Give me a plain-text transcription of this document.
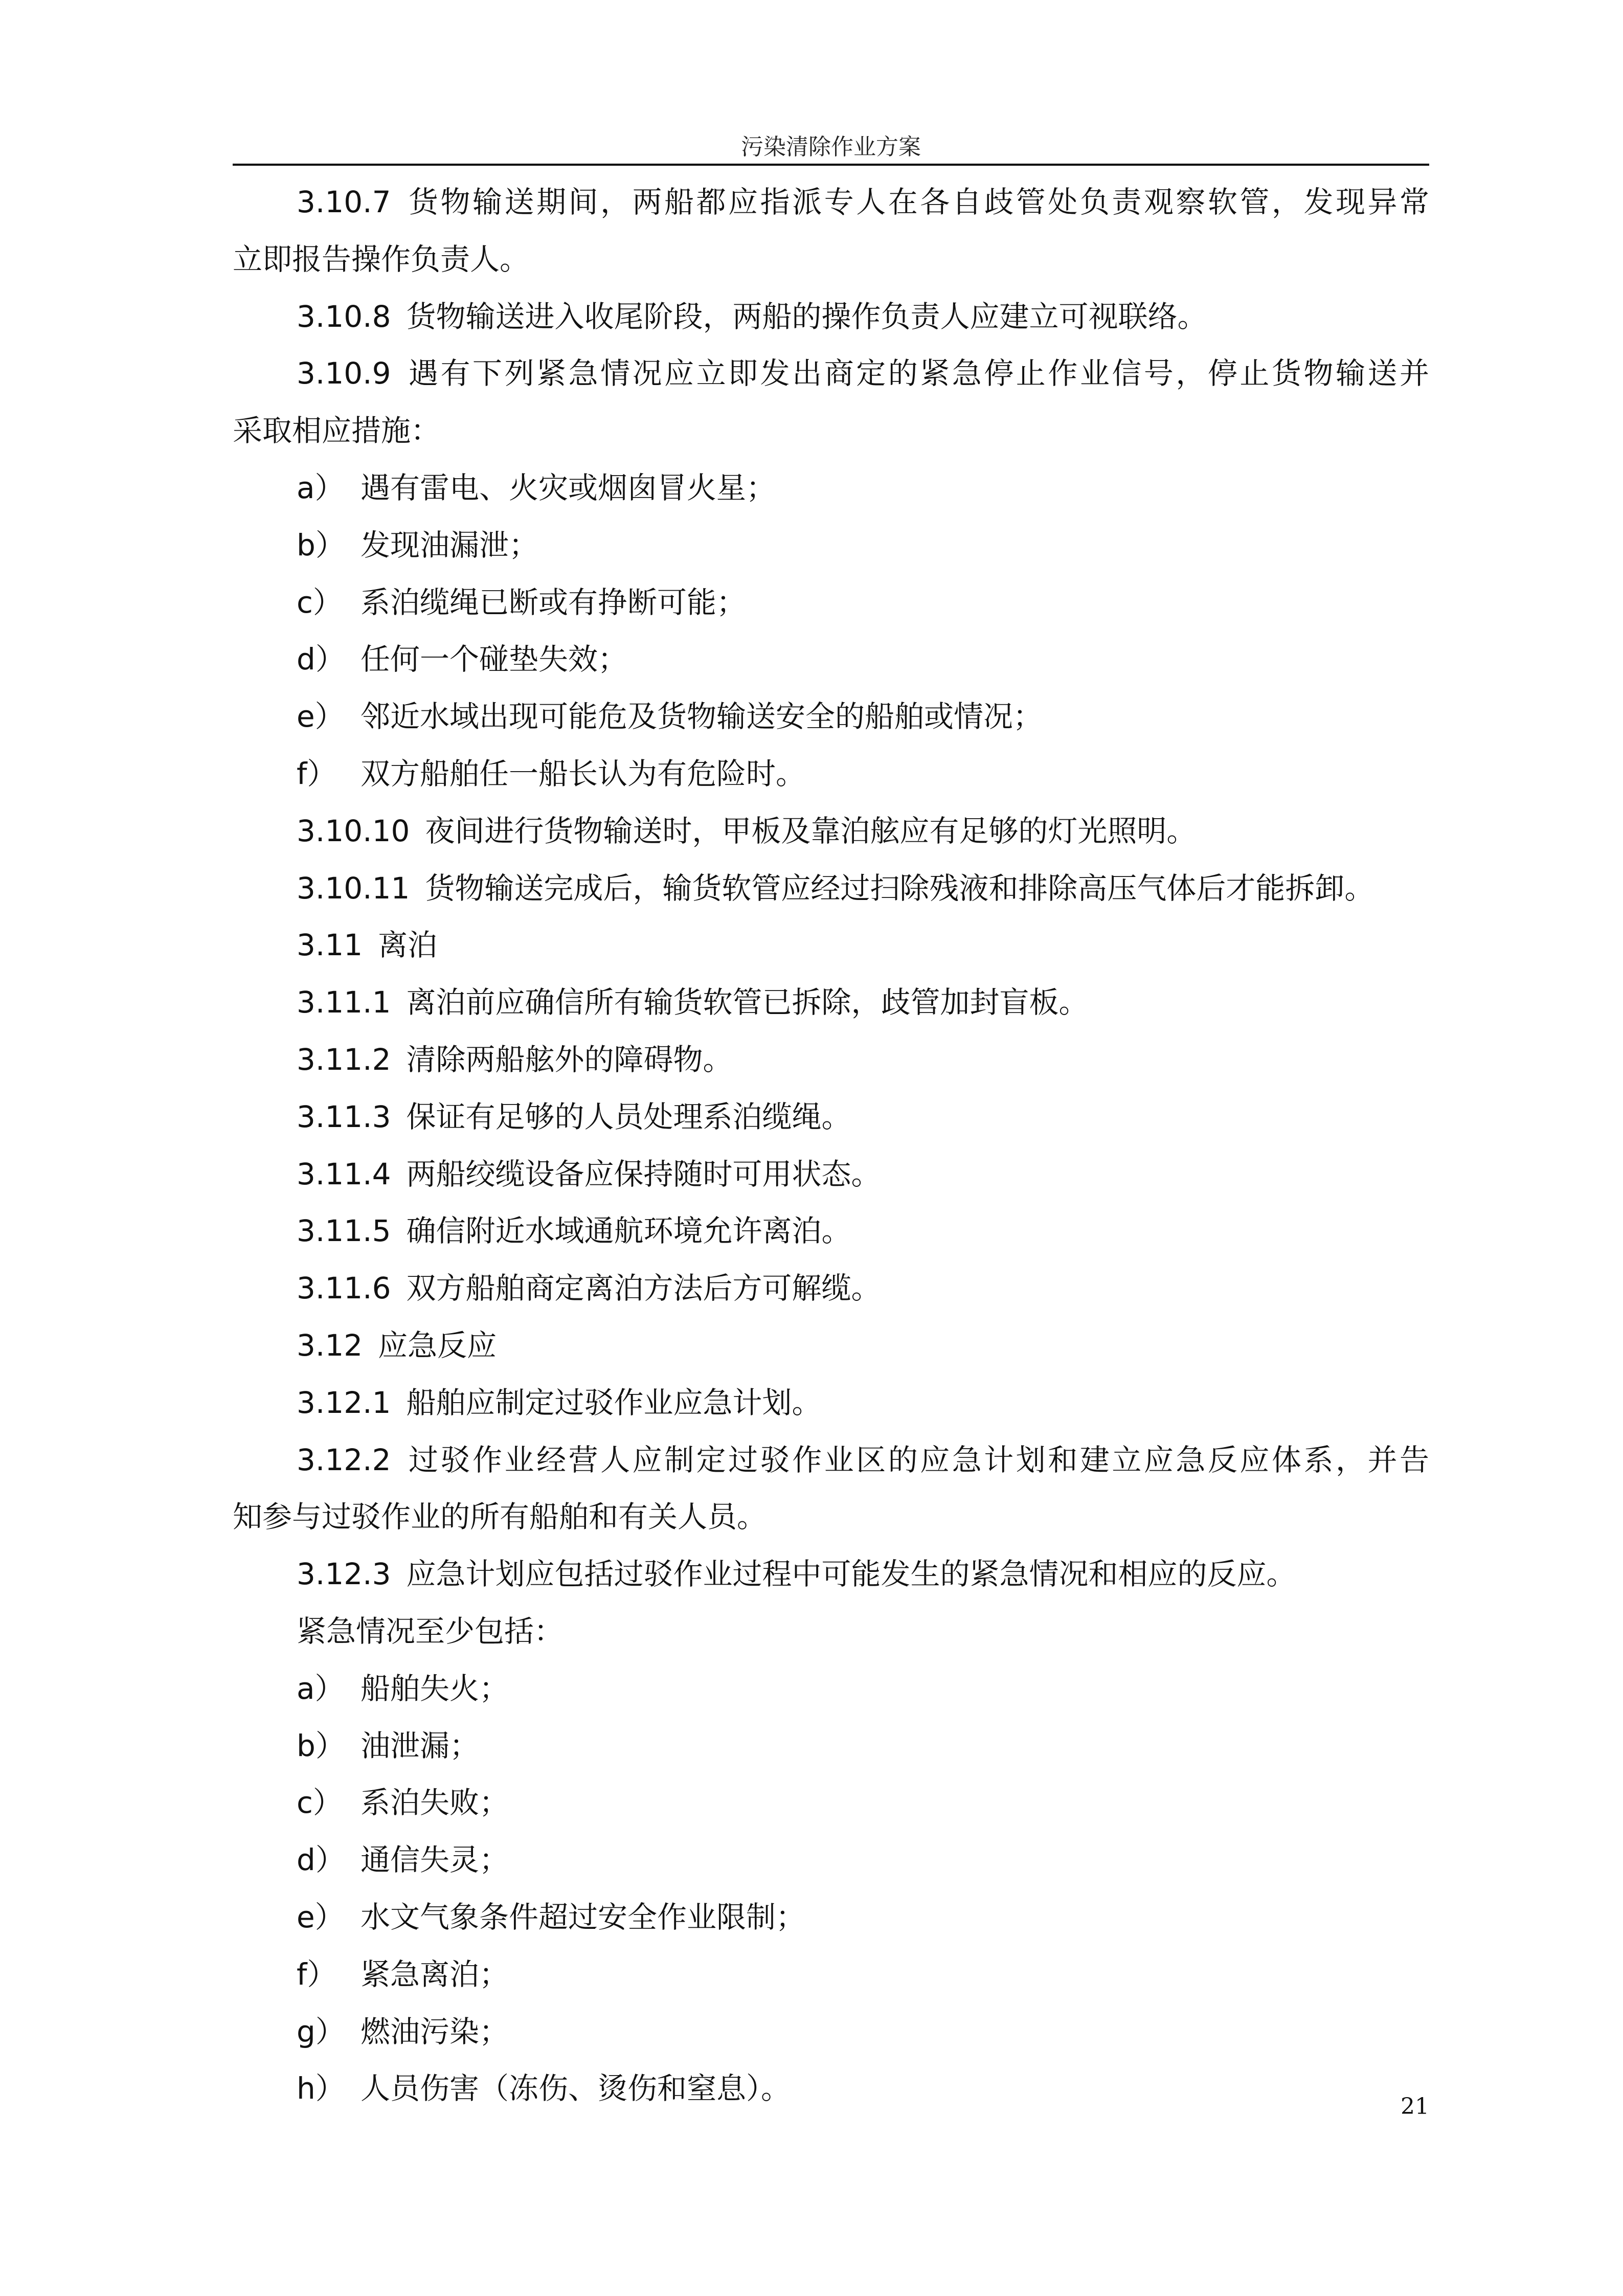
污染清除作业方案
3.10.7 货物输送期间，两船都应指派专人在各自歧管处负责观察软管，发现异常
立即报告操作负责人。
3.10.8 货物输送进入收尾阶段，两船的操作负责人应建立可视联络。
3.10.9 遇有下列紧急情况应立即发出商定的紧急停止作业信号，停止货物输送并
采取相应措施：
a） 遇有雷电、火灾或烟囱冒火星；
b） 发现油漏泄；
c） 系泊缆绳已断或有挣断可能；
d） 任何一个碰垫失效；
e） 邻近水域出现可能危及货物输送安全的船舶或情况；
f） 双方船舶任一船长认为有危险时。
3.10.10 夜间进行货物输送时，甲板及靠泊舷应有足够的灯光照明。
3.10.11 货物输送完成后，输货软管应经过扫除残液和排除高压气体后才能拆卸。
3.11 离泊
3.11.1 离泊前应确信所有输货软管已拆除，歧管加封盲板。
3.11.2 清除两船舷外的障碍物。
3.11.3 保证有足够的人员处理系泊缆绳。
3.11.4 两船绞缆设备应保持随时可用状态。
3.11.5 确信附近水域通航环境允许离泊。
3.11.6 双方船舶商定离泊方法后方可解缆。
3.12 应急反应
3.12.1 船舶应制定过驳作业应急计划。
3.12.2 过驳作业经营人应制定过驳作业区的应急计划和建立应急反应体系，并告
知参与过驳作业的所有船舶和有关人员。
3.12.3 应急计划应包括过驳作业过程中可能发生的紧急情况和相应的反应。
紧急情况至少包括：
a） 船舶失火；
b） 油泄漏；
c） 系泊失败；
d） 通信失灵；
e） 水文气象条件超过安全作业限制；
f） 紧急离泊；
g） 燃油污染；
h） 人员伤害（冻伤、烫伤和窒息）。
21
